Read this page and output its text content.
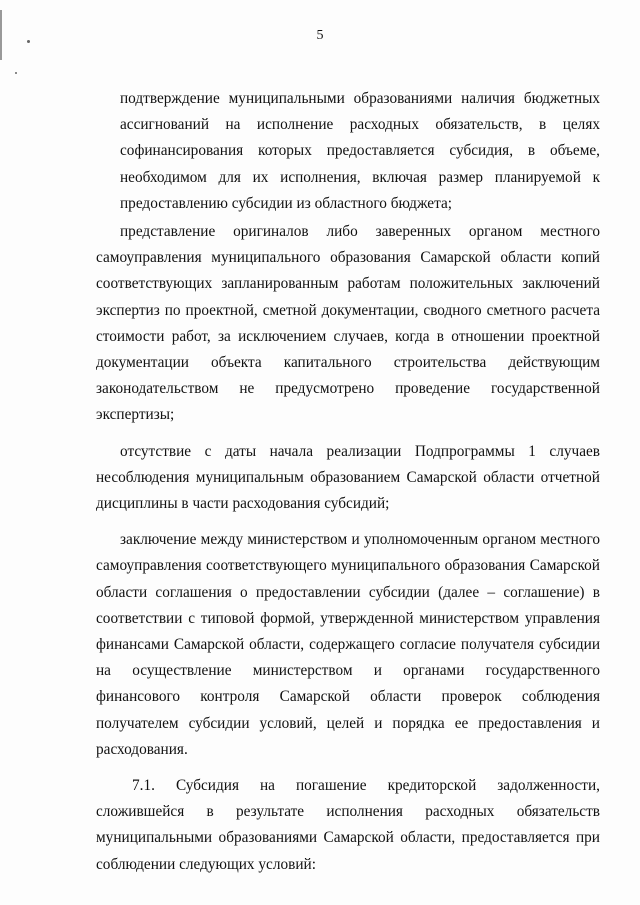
5

подтверждение муниципальными образованиями наличия бюджетных ассигнований на исполнение расходных обязательств, в целях софинансирования которых предоставляется субсидия, в объеме, необходимом для их исполнения, включая размер планируемой к предоставлению субсидии из областного бюджета;

представление оригиналов либо заверенных органом местного самоуправления муниципального образования Самарской области копий соответствующих запланированным работам положительных заключений экспертиз по проектной, сметной документации, сводного сметного расчета стоимости работ, за исключением случаев, когда в отношении проектной документации объекта капитального строительства действующим законодательством не предусмотрено проведение государственной экспертизы;

отсутствие с даты начала реализации Подпрограммы 1 случаев несоблюдения муниципальным образованием Самарской области отчетной дисциплины в части расходования субсидий;

заключение между министерством и уполномоченным органом местного самоуправления соответствующего муниципального образования Самарской области соглашения о предоставлении субсидии (далее – соглашение) в соответствии с типовой формой, утвержденной министерством управления финансами Самарской области, содержащего согласие получателя субсидии на осуществление министерством и органами государственного финансового контроля Самарской области проверок соблюдения получателем субсидии условий, целей и порядка ее предоставления и расходования.

7.1. Субсидия на погашение кредиторской задолженности, сложившейся в результате исполнения расходных обязательств муниципальными образованиями Самарской области, предоставляется при соблюдении следующих условий:
